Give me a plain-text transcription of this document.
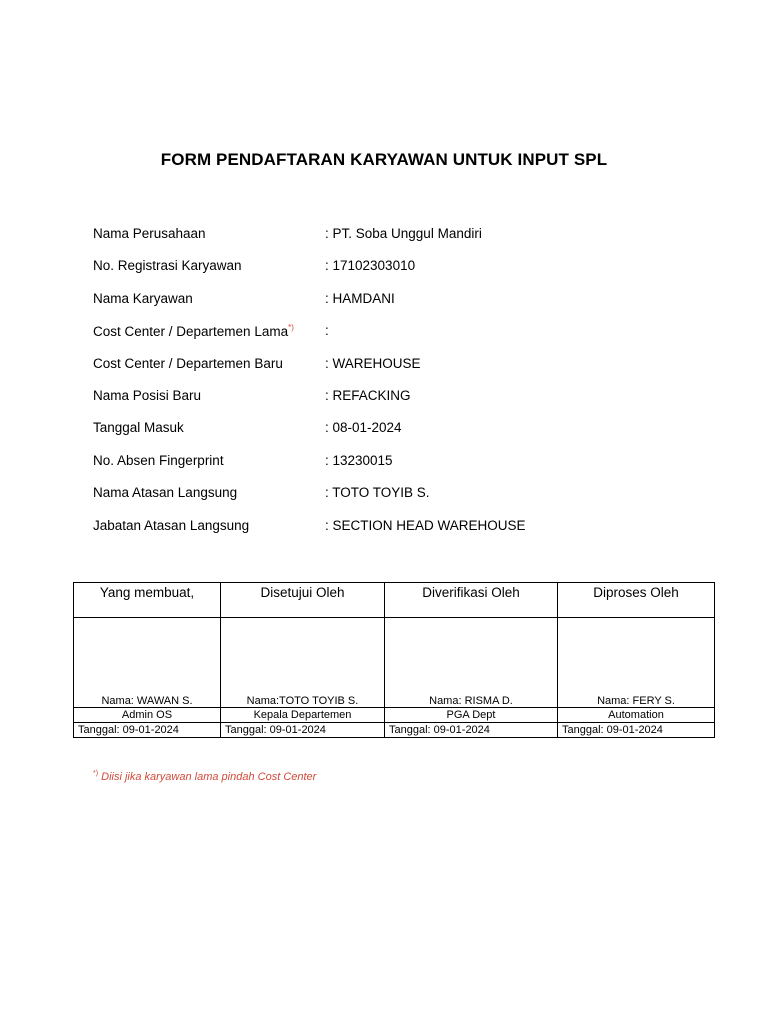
FORM PENDAFTARAN KARYAWAN UNTUK INPUT SPL
Nama Perusahaan	: PT. Soba Unggul Mandiri
No. Registrasi Karyawan	: 17102303010
Nama Karyawan	: HAMDANI
Cost Center / Departemen Lama*) :
Cost Center / Departemen Baru	: WAREHOUSE
Nama Posisi Baru	: REFACKING
Tanggal Masuk	: 08-01-2024
No. Absen Fingerprint	: 13230015
Nama Atasan Langsung	: TOTO TOYIB S.
Jabatan Atasan Langsung	: SECTION HEAD WAREHOUSE
Yang membuat,	Disetujui Oleh	Diverifikasi Oleh	Diproses Oleh
Nama: WAWAN S.	Nama:TOTO TOYIB S.	Nama: RISMA D.	Nama: FERY S.
Admin OS	Kepala Departemen	PGA Dept	Automation
Tanggal: 09-01-2024	Tanggal: 09-01-2024	Tanggal: 09-01-2024	Tanggal: 09-01-2024
*) Diisi jika karyawan lama pindah Cost Center
